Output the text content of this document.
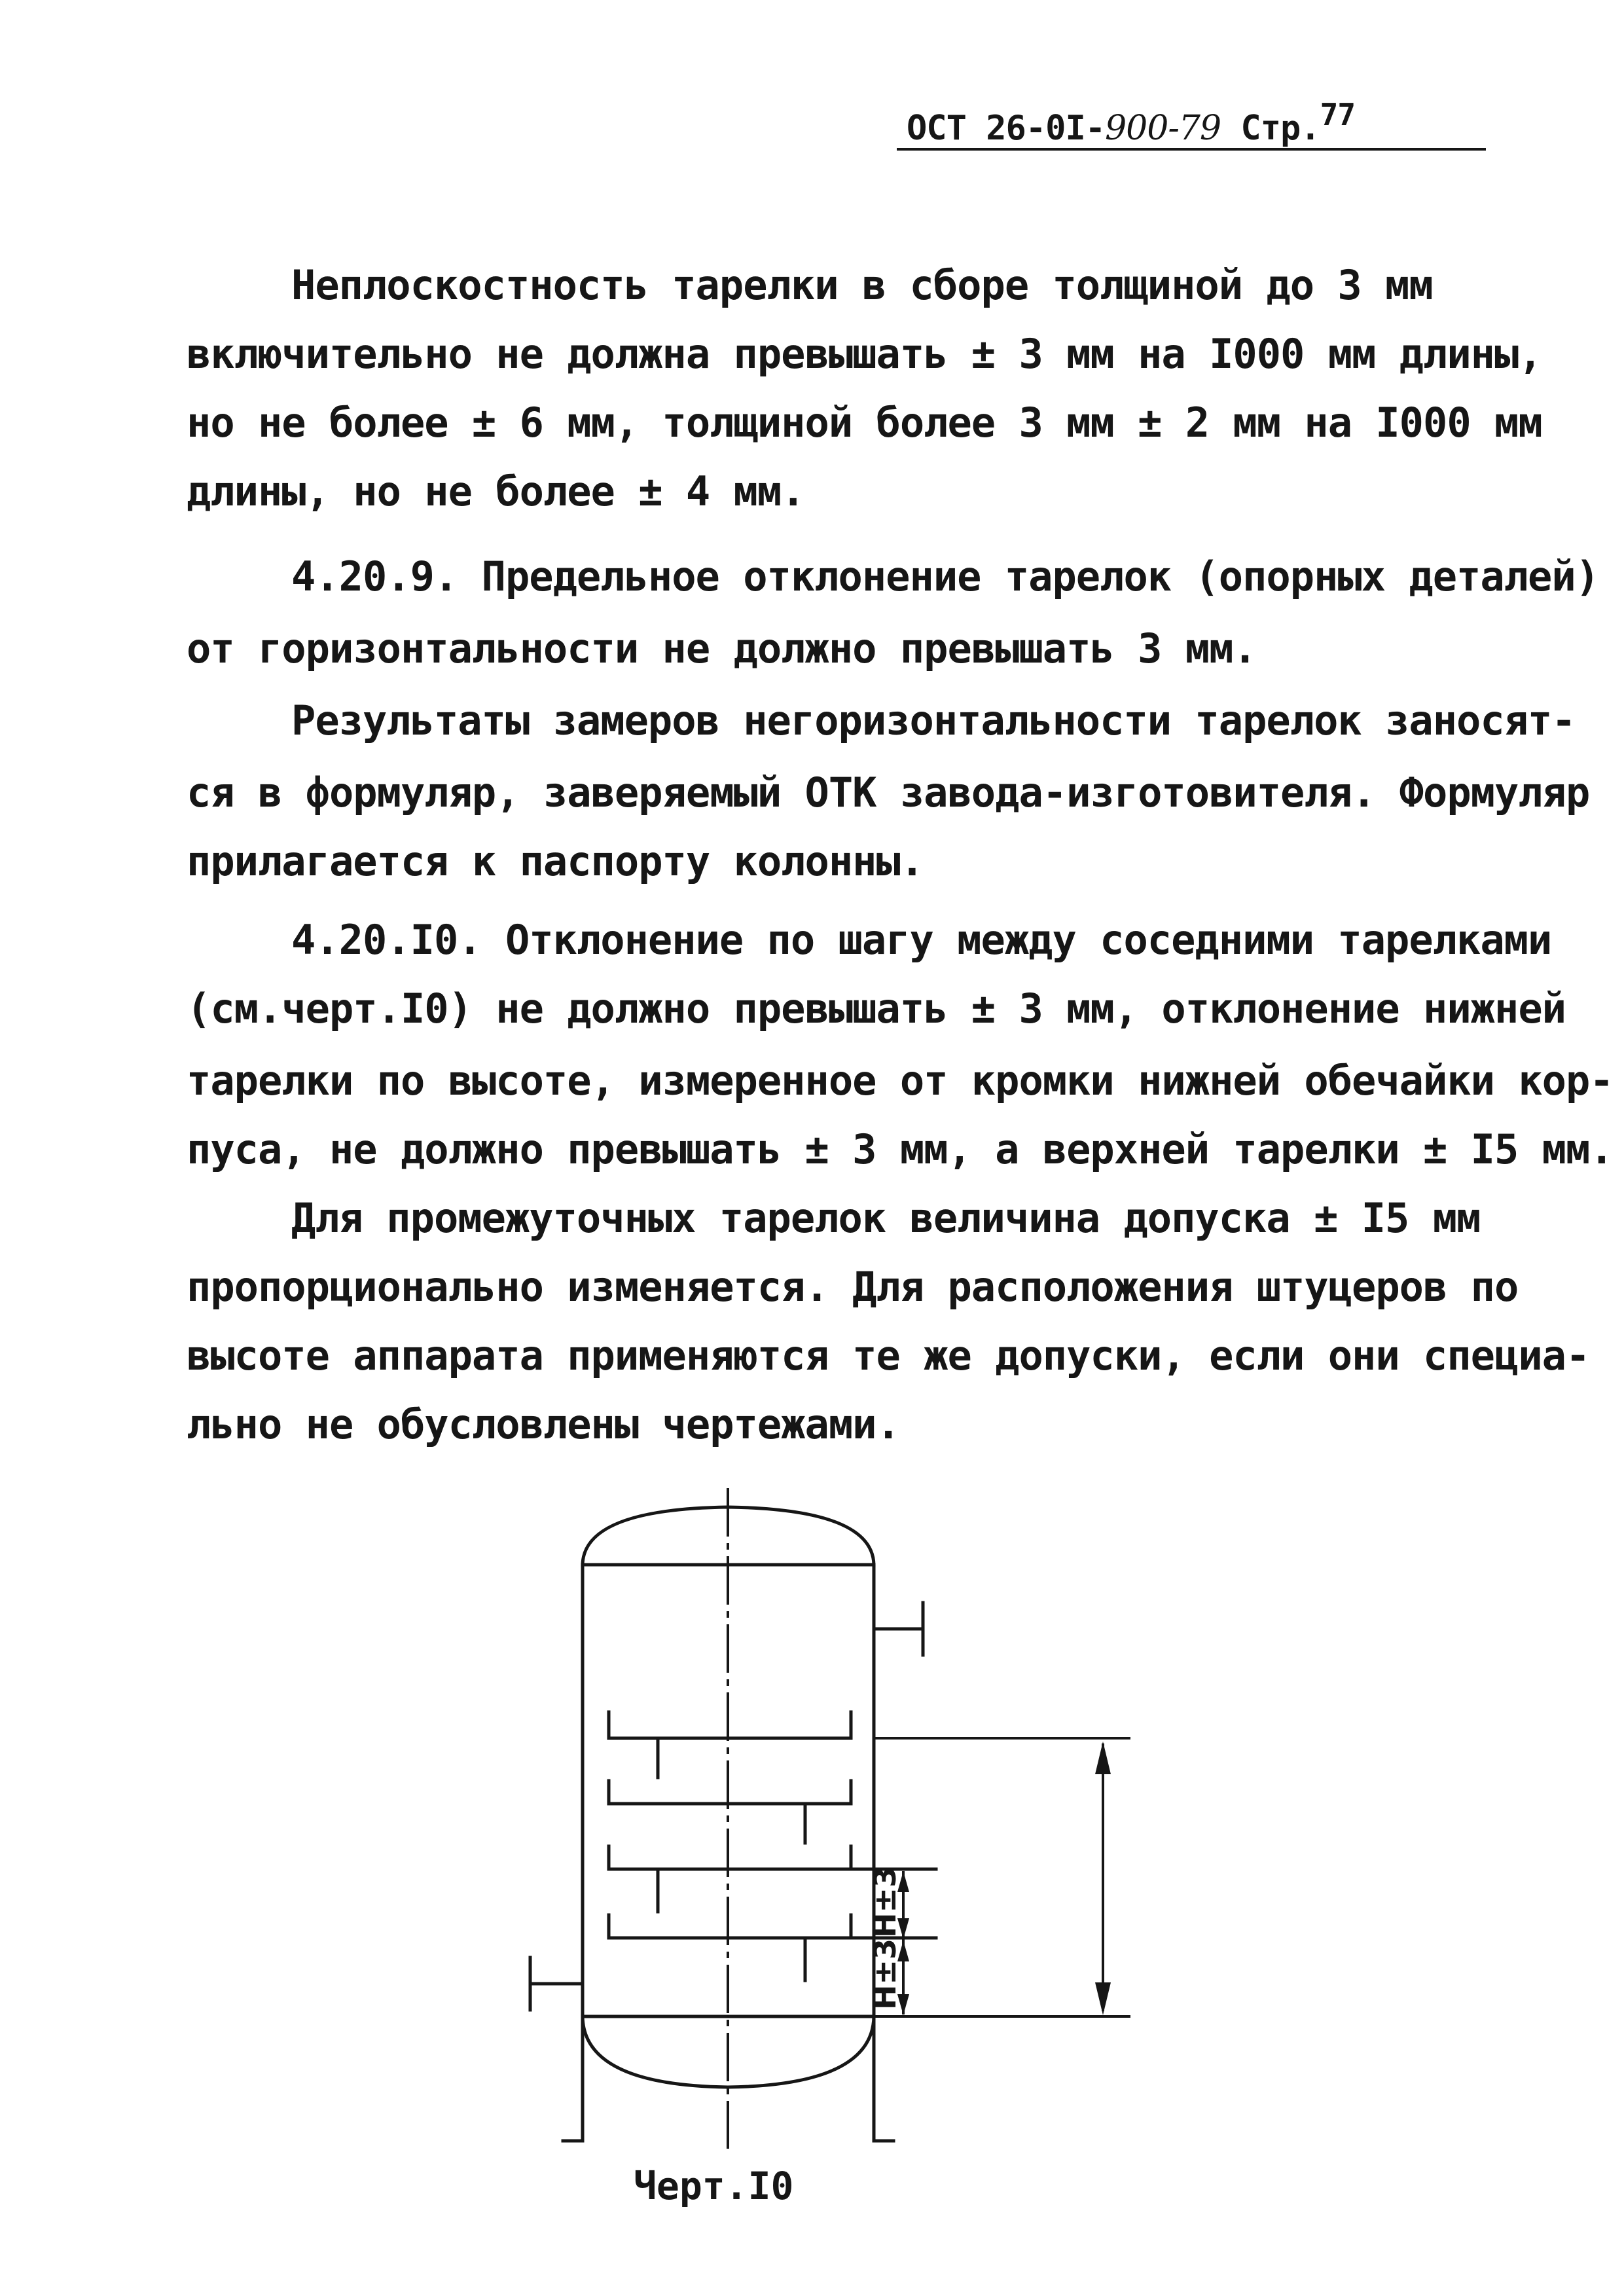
ОСТ 26-0I-900-79 Стр.77
Неплоскостность тарелки в сборе толщиной до 3 мм
включительно не должна превышать ± 3 мм на I000 мм длины,
но не более ± 6 мм, толщиной более 3 мм ± 2 мм на I000 мм
длины, но не более ± 4 мм.
4.20.9. Предельное отклонение тарелок (опорных деталей)
от горизонтальности не должно превышать 3 мм.
Результаты замеров негоризонтальности тарелок заносят-
ся в формуляр, заверяемый ОТК завода-изготовителя. Формуляр
прилагается к паспорту колонны.
4.20.I0. Отклонение по шагу между соседними тарелками
(см.черт.I0) не должно превышать ± 3 мм, отклонение нижней
тарелки по высоте, измеренное от кромки нижней обечайки кор-
пуса, не должно превышать ± 3 мм, а верхней тарелки ± I5 мм.
Для промежуточных тарелок величина допуска ± I5 мм
пропорционально изменяется. Для расположения штуцеров по
высоте аппарата применяются те же допуски, если они специа-
льно не обусловлены чертежами.
H±3
H±3
Черт.I0
